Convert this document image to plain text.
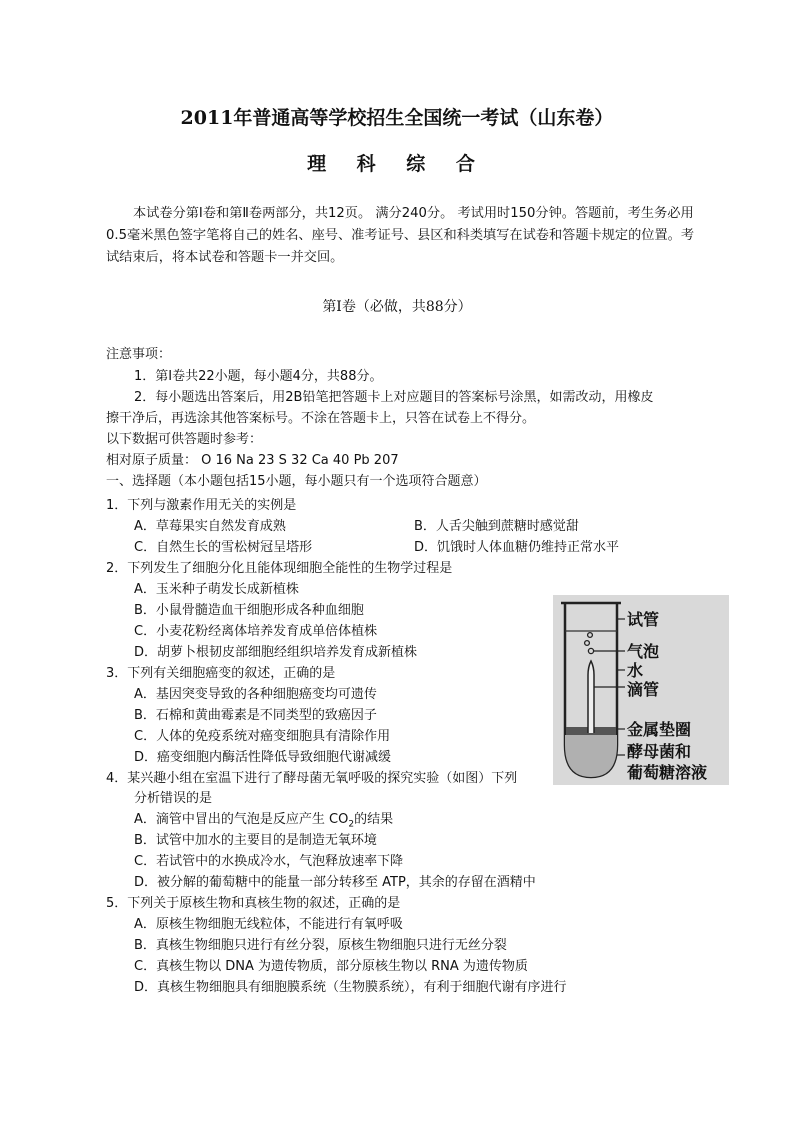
2011年普通高等学校招生全国统一考试（山东卷）
理 科 综 合

本试卷分第Ⅰ卷和第Ⅱ卷两部分，共12页。 满分240分。 考试用时150分钟。答题前，考生务必用0.5毫米黑色签字笔将自己的姓名、座号、准考证号、县区和科类填写在试卷和答题卡规定的位置。考试结束后，将本试卷和答题卡一并交回。

第Ⅰ卷（必做，共88分）
注意事项：
1．第Ⅰ卷共22小题，每小题4分，共88分。
2．每小题选出答案后，用2B铅笔把答题卡上对应题目的答案标号涂黑，如需改动，用橡皮
擦干净后，再选涂其他答案标号。不涂在答题卡上，只答在试卷上不得分。
以下数据可供答题时参考：
相对原子质量： O 16 Na 23 S 32 Ca 40 Pb 207
一、选择题（本小题包括15小题，每小题只有一个选项符合题意）
1．下列与激素作用无关的实例是
A．草莓果实自然发育成熟	B．人舌尖触到蔗糖时感觉甜
C．自然生长的雪松树冠呈塔形	D．饥饿时人体血糖仍维持正常水平
2．下列发生了细胞分化且能体现细胞全能性的生物学过程是
A．玉米种子萌发长成新植株
B．小鼠骨髓造血干细胞形成各种血细胞
C．小麦花粉经离体培养发育成单倍体植株
D．胡萝卜根韧皮部细胞经组织培养发育成新植株
3．下列有关细胞癌变的叙述，正确的是
A．基因突变导致的各种细胞癌变均可遗传
B．石棉和黄曲霉素是不同类型的致癌因子
C．人体的免疫系统对癌变细胞具有清除作用
D．癌变细胞内酶活性降低导致细胞代谢减缓
4．某兴趣小组在室温下进行了酵母菌无氧呼吸的探究实验（如图）下列
分析错误的是
A．滴管中冒出的气泡是反应产生 $CO_2$的结果
B．试管中加水的主要目的是制造无氧环境
C．若试管中的水换成冷水，气泡释放速率下降
D．被分解的葡萄糖中的能量一部分转移至 ATP，其余的存留在酒精中
5．下列关于原核生物和真核生物的叙述，正确的是
A．原核生物细胞无线粒体，不能进行有氧呼吸
B．真核生物细胞只进行有丝分裂，原核生物细胞只进行无丝分裂
C．真核生物以 DNA 为遗传物质，部分原核生物以 RNA 为遗传物质
D．真核生物细胞具有细胞膜系统（生物膜系统），有利于细胞代谢有序进行
试管
气泡
水
滴管
金属垫圈
酵母菌和
葡萄糖溶液
